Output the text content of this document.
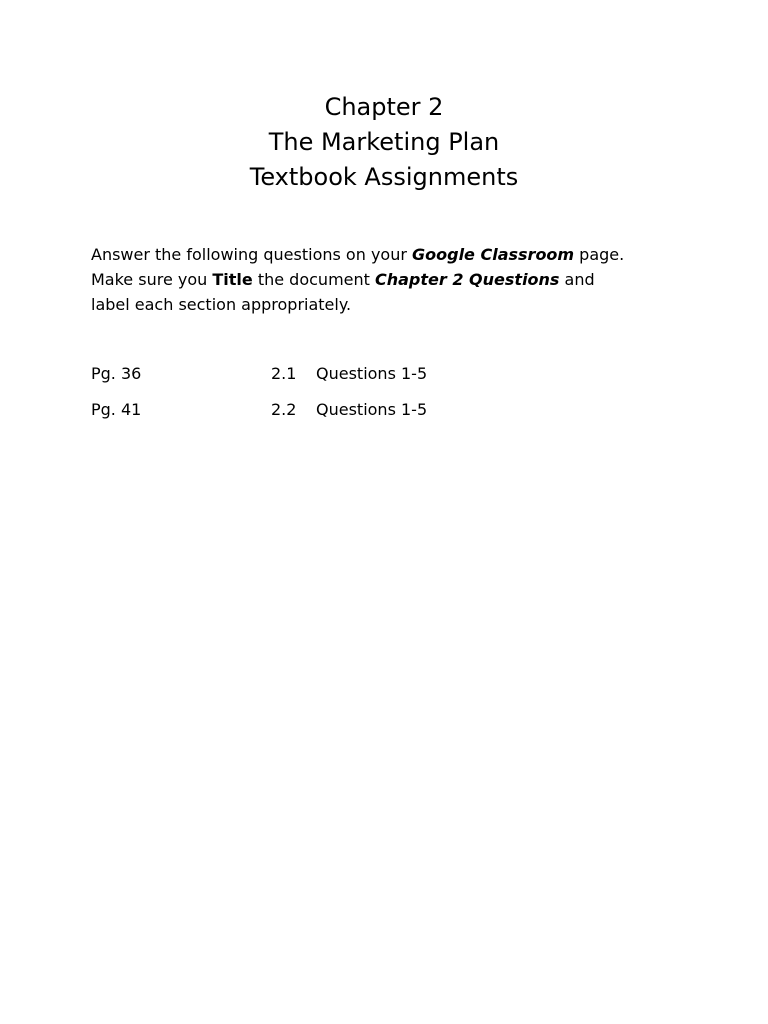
Chapter 2
The Marketing Plan
Textbook Assignments
Answer the following questions on your Google Classroom page.
Make sure you Title the document Chapter 2 Questions and
label each section appropriately.
Pg. 36	2.1 Questions 1-5
Pg. 41	2.2 Questions 1-5
